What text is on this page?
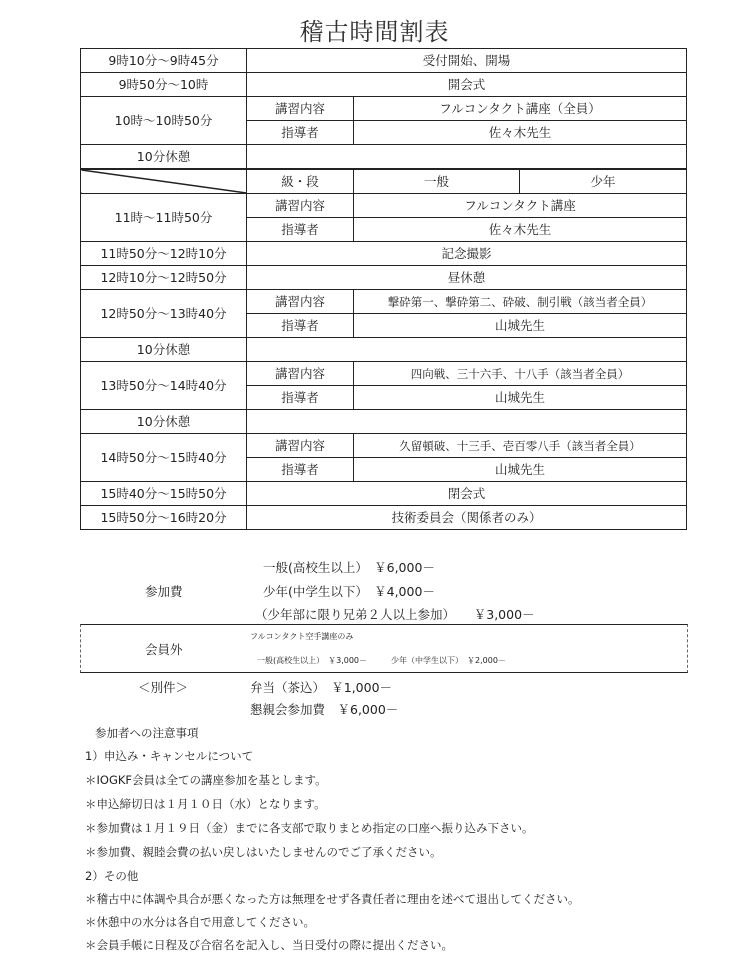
稽古時間割表
9時10分～9時45分	受付開始、開場		
9時50分～10時	開会式		
10時～10時50分	講習内容	フルコンタクト講座（全員）	
	指導者	佐々木先生	
10分休憩			
	級・段	一般	少年
11時～11時50分	講習内容	フルコンタクト講座	
	指導者	佐々木先生	
11時50分～12時10分	記念撮影		
12時10分～12時50分	昼休憩		
12時50分～13時40分	講習内容	撃砕第一、撃砕第二、砕破、制引戦（該当者全員）	
	指導者	山城先生	
10分休憩			
13時50分～14時40分	講習内容	四向戦、三十六手、十八手（該当者全員）	
	指導者	山城先生	
10分休憩			
14時50分～15時40分	講習内容	久留頓破、十三手、壱百零八手（該当者全員）	
	指導者	山城先生	
15時40分～15時50分	閉会式		
15時50分～16時20分	技術委員会（関係者のみ）		
参加費
一般(高校生以上）　￥6,000－
少年(中学生以下）　￥4,000－
（少年部に限り兄弟２人以上参加）　　￥3,000－
会員外
フルコンタクト空手講座のみ
一般(高校生以上）　￥3,000－　　　少年（中学生以下）　￥2,000－
＜別件＞	弁当（茶込）　￥1,000－
懇親会参加費　￥6,000－
参加者への注意事項
1）申込み・キャンセルについて
＊IOGKF会員は全ての講座参加を基とします。
＊申込締切日は１月１０日（水）となります。
＊参加費は１月１９日（金）までに各支部で取りまとめ指定の口座へ振り込み下さい。
＊参加費、親睦会費の払い戻しはいたしませんのでご了承ください。
2）その他
＊稽古中に体調や具合が悪くなった方は無理をせず各責任者に理由を述べて退出してください。
＊休憩中の水分は各自で用意してください。
＊会員手帳に日程及び合宿名を記入し、当日受付の際に提出ください。
